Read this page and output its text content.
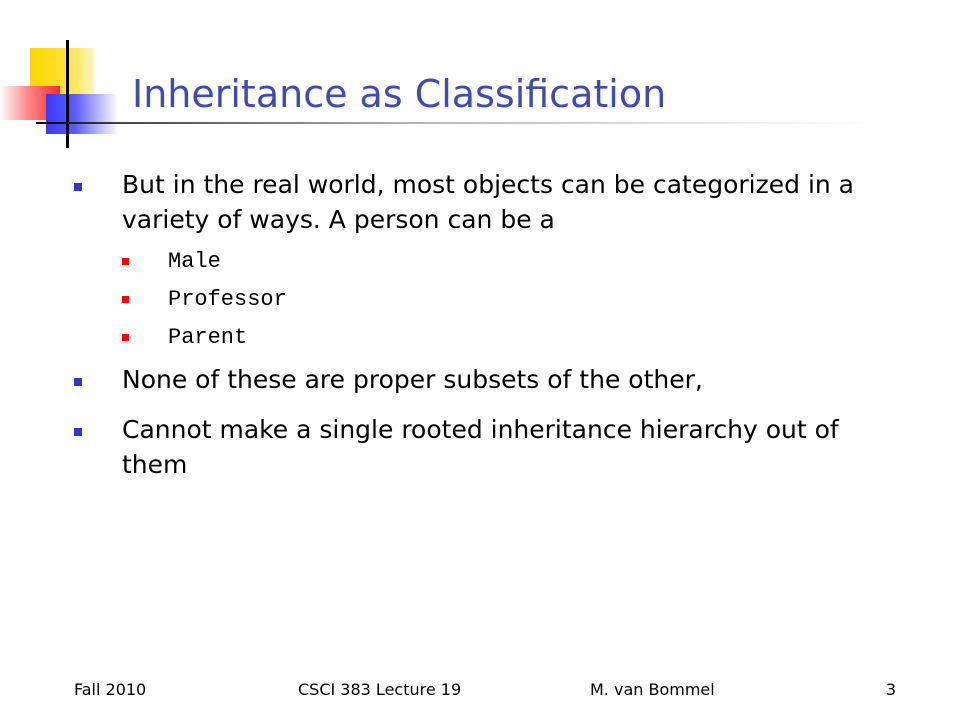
Inheritance as Classification
But in the real world, most objects can be categorized in a variety of ways. A person can be a
Male
Professor
Parent
None of these are proper subsets of the other,
Cannot make a single rooted inheritance hierarchy out of them
Fall 2010	CSCI 383 Lecture 19	M. van Bommel	3
